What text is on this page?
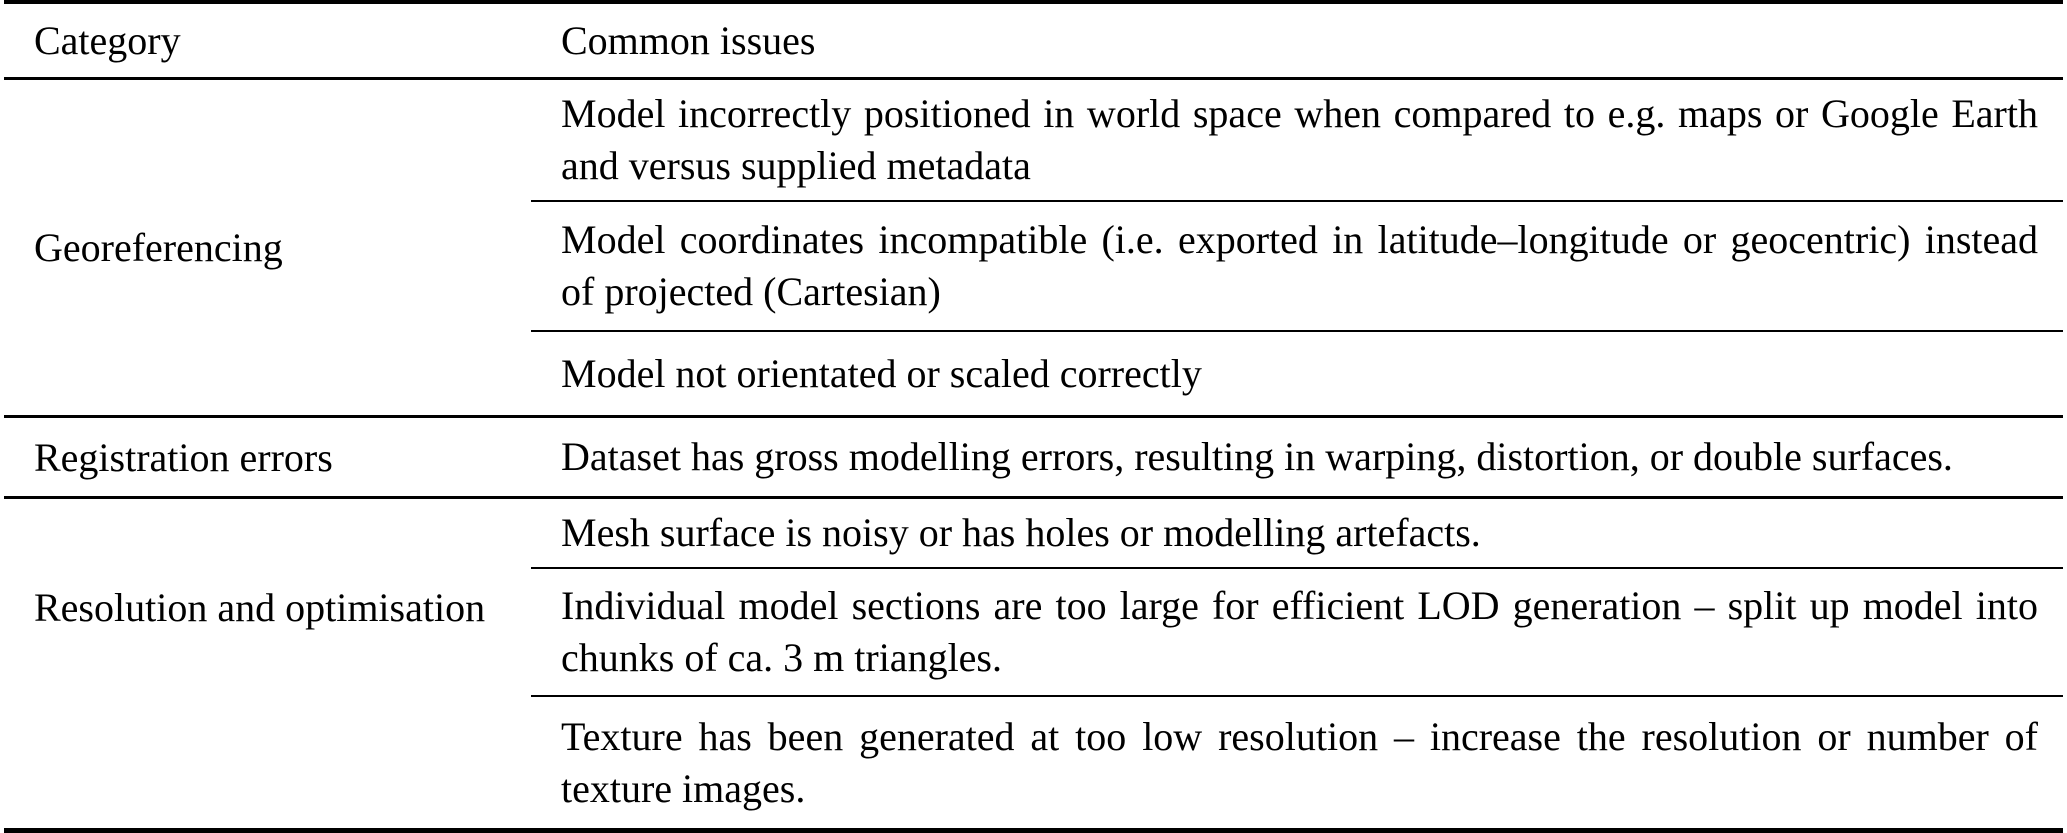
Category	Common issues
Georeferencing
Model incorrectly positioned in world space when compared to e.g. maps or Google Earth
and versus supplied metadata
Model coordinates incompatible (i.e. exported in latitude–longitude or geocentric) instead
of projected (Cartesian)
Model not orientated or scaled correctly
Registration errors	Dataset has gross modelling errors, resulting in warping, distortion, or double surfaces.
Resolution and optimisation
Mesh surface is noisy or has holes or modelling artefacts.
Individual model sections are too large for efficient LOD generation – split up model into
chunks of ca. 3 m triangles.
Texture has been generated at too low resolution – increase the resolution or number of
texture images.
